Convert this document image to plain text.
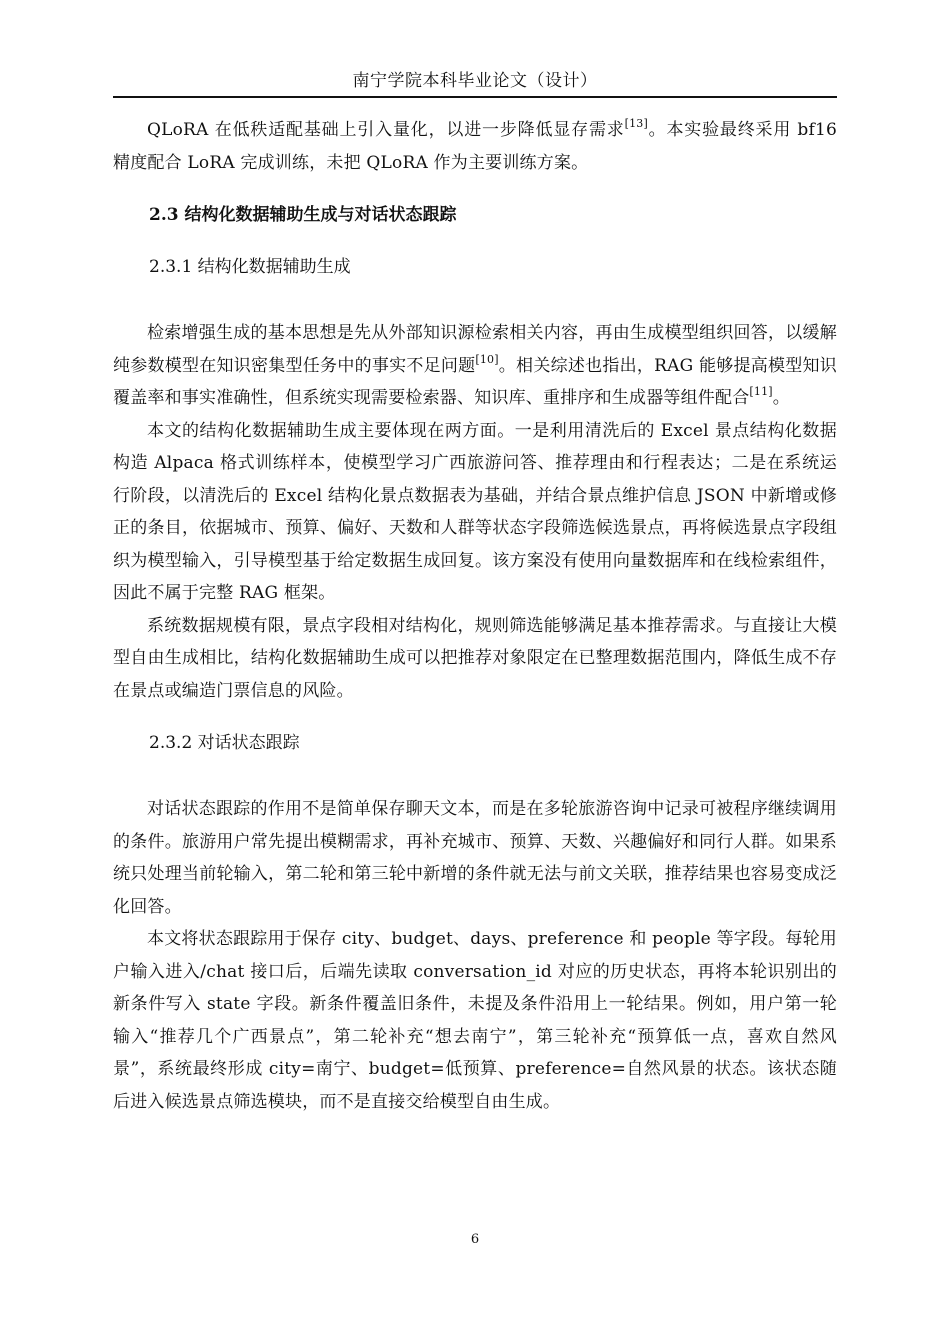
南宁学院本科毕业论文（设计）

QLoRA 在低秩适配基础上引入量化，以进一步降低显存需求[13]。本实验最终采用 bf16 精度配合 LoRA 完成训练，未把 QLoRA 作为主要训练方案。

2.3 结构化数据辅助生成与对话状态跟踪
2.3.1 结构化数据辅助生成

检索增强生成的基本思想是先从外部知识源检索相关内容，再由生成模型组织回答，以缓解纯参数模型在知识密集型任务中的事实不足问题[10]。相关综述也指出，RAG 能够提高模型知识覆盖率和事实准确性，但系统实现需要检索器、知识库、重排序和生成器等组件配合[11]。

本文的结构化数据辅助生成主要体现在两方面。一是利用清洗后的 Excel 景点结构化数据构造 Alpaca 格式训练样本，使模型学习广西旅游问答、推荐理由和行程表达；二是在系统运行阶段，以清洗后的 Excel 结构化景点数据表为基础，并结合景点维护信息 JSON 中新增或修正的条目，依据城市、预算、偏好、天数和人群等状态字段筛选候选景点，再将候选景点字段组织为模型输入，引导模型基于给定数据生成回复。该方案没有使用向量数据库和在线检索组件，因此不属于完整 RAG 框架。

系统数据规模有限，景点字段相对结构化，规则筛选能够满足基本推荐需求。与直接让大模型自由生成相比，结构化数据辅助生成可以把推荐对象限定在已整理数据范围内，降低生成不存在景点或编造门票信息的风险。

2.3.2 对话状态跟踪

对话状态跟踪的作用不是简单保存聊天文本，而是在多轮旅游咨询中记录可被程序继续调用的条件。旅游用户常先提出模糊需求，再补充城市、预算、天数、兴趣偏好和同行人群。如果系统只处理当前轮输入，第二轮和第三轮中新增的条件就无法与前文关联，推荐结果也容易变成泛化回答。

本文将状态跟踪用于保存 city、budget、days、preference 和 people 等字段。每轮用户输入进入/chat 接口后，后端先读取 conversation_id 对应的历史状态，再将本轮识别出的新条件写入 state 字段。新条件覆盖旧条件，未提及条件沿用上一轮结果。例如，用户第一轮输入“推荐几个广西景点”，第二轮补充“想去南宁”，第三轮补充“预算低一点，喜欢自然风景”，系统最终形成 city=南宁、budget=低预算、preference=自然风景的状态。该状态随后进入候选景点筛选模块，而不是直接交给模型自由生成。

6
